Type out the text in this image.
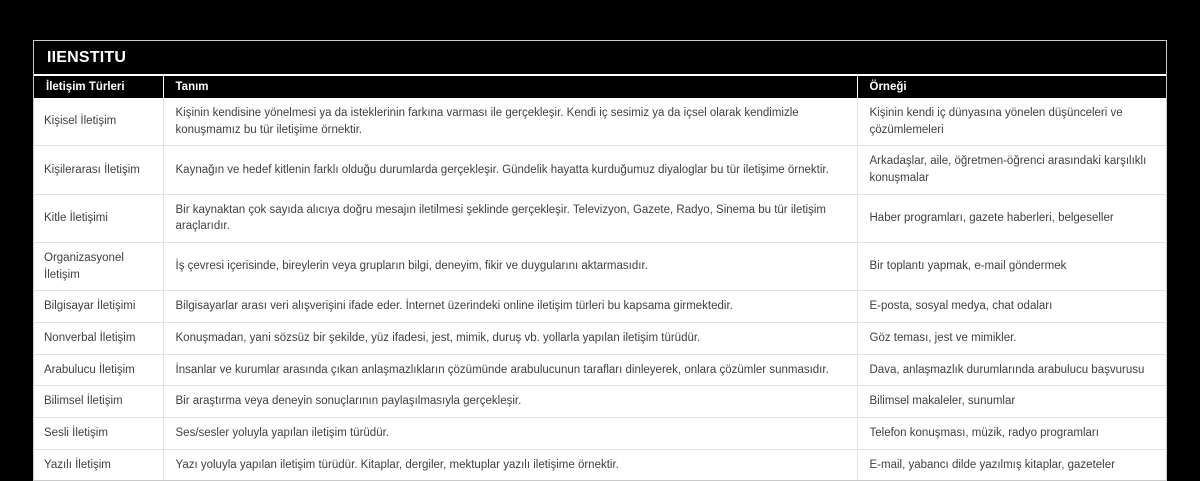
IIENSTITU
İletişim Türleri	Tanım	Örneği
Kişisel İletişim	Kişinin kendisine yönelmesi ya da isteklerinin farkına varması ile gerçekleşir. Kendi iç sesimiz ya da içsel olarak kendimizle konuşmamız bu tür iletişime örnektir.	Kişinin kendi iç dünyasına yönelen düşünceleri ve çözümlemeleri
Kişilerarası İletişim	Kaynağın ve hedef kitlenin farklı olduğu durumlarda gerçekleşir. Gündelik hayatta kurduğumuz diyaloglar bu tür iletişime örnektir.	Arkadaşlar, aile, öğretmen-öğrenci arasındaki karşılıklı konuşmalar
Kitle İletişimi	Bir kaynaktan çok sayıda alıcıya doğru mesajın iletilmesi şeklinde gerçekleşir. Televizyon, Gazete, Radyo, Sinema bu tür iletişim araçlarıdır.	Haber programları, gazete haberleri, belgeseller
Organizasyonel İletişim	İş çevresi içerisinde, bireylerin veya grupların bilgi, deneyim, fikir ve duygularını aktarmasıdır.	Bir toplantı yapmak, e-mail göndermek
Bilgisayar İletişimi	Bilgisayarlar arası veri alışverişini ifade eder. İnternet üzerindeki online iletişim türleri bu kapsama girmektedir.	E-posta, sosyal medya, chat odaları
Nonverbal İletişim	Konuşmadan, yani sözsüz bir şekilde, yüz ifadesi, jest, mimik, duruş vb. yollarla yapılan iletişim türüdür.	Göz teması, jest ve mimikler.
Arabulucu İletişim	İnsanlar ve kurumlar arasında çıkan anlaşmazlıkların çözümünde arabulucunun tarafları dinleyerek, onlara çözümler sunmasıdır.	Dava, anlaşmazlık durumlarında arabulucu başvurusu
Bilimsel İletişim	Bir araştırma veya deneyin sonuçlarının paylaşılmasıyla gerçekleşir.	Bilimsel makaleler, sunumlar
Sesli İletişim	Ses/sesler yoluyla yapılan iletişim türüdür.	Telefon konuşması, müzik, radyo programları
Yazılı İletişim	Yazı yoluyla yapılan iletişim türüdür. Kitaplar, dergiler, mektuplar yazılı iletişime örnektir.	E-mail, yabancı dilde yazılmış kitaplar, gazeteler
